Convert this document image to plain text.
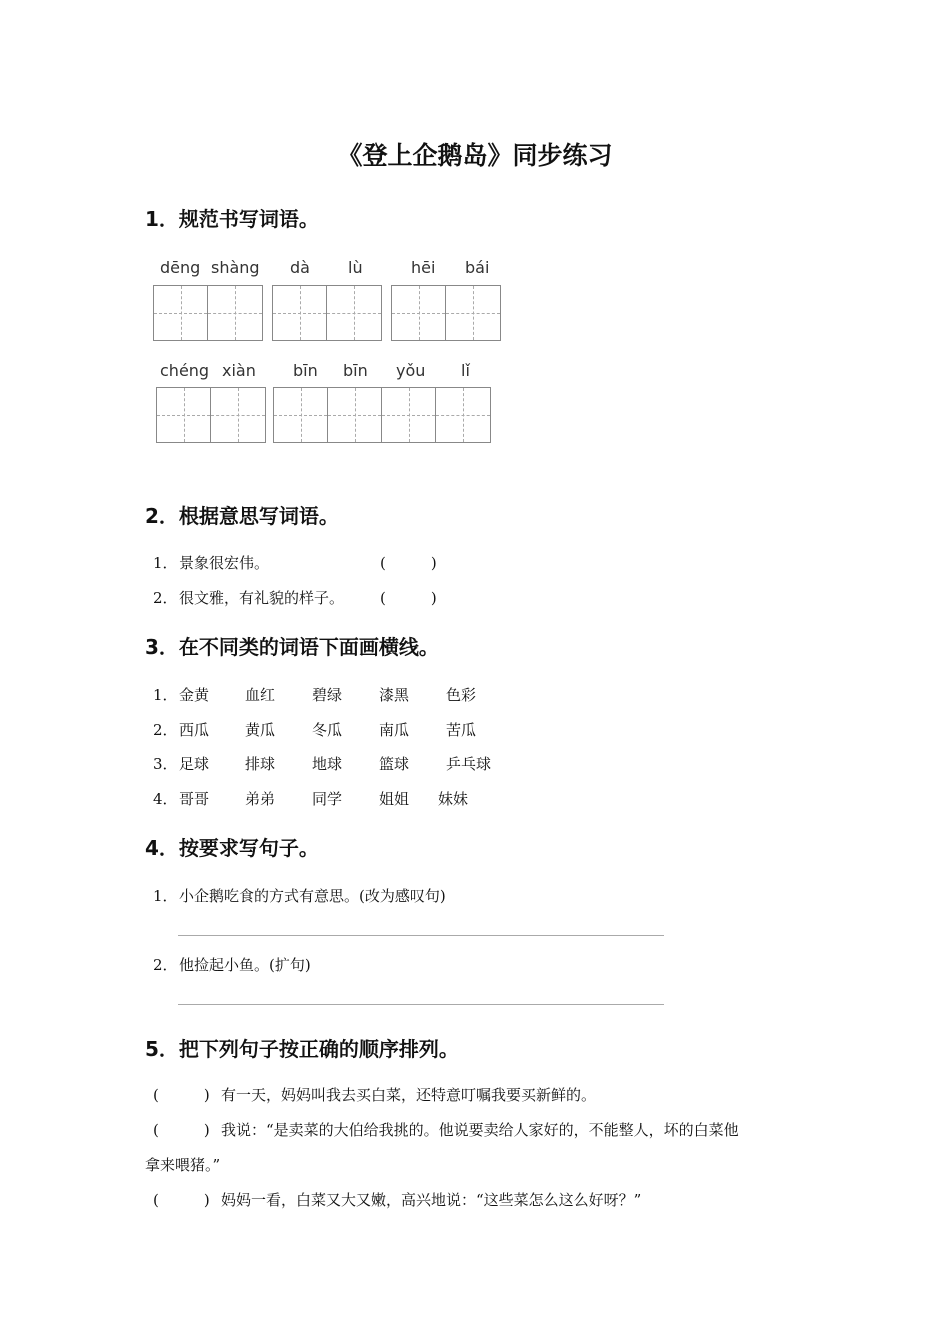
《登上企鹅岛》同步练习
1．规范书写词语。
dēng shàng dà lù	hēi bái
chéng xiàn bīn bīn yǒu lǐ
2．根据意思写词语。
1． 景象很宏伟。	(　　　)
2． 很文雅，有礼貌的样子。 (　　　)
3．在不同类的词语下面画横线。
1． 金黄 血红 碧绿 漆黑 色彩
2． 西瓜 黄瓜 冬瓜 南瓜 苦瓜
3． 足球 排球 地球 篮球 乒乓球
4． 哥哥 弟弟 同学 姐姐 妹妹
4．按要求写句子。
1． 小企鹅吃食的方式有意思。(改为感叹句)
2． 他捡起小鱼。(扩句)
5．把下列句子按正确的顺序排列。
(　　　) 有一天，妈妈叫我去买白菜，还特意叮嘱我要买新鲜的。
(　　　) 我说：“是卖菜的大伯给我挑的。他说要卖给人家好的，不能整人，坏的白菜他
拿来喂猪。”
(　　　) 妈妈一看，白菜又大又嫩，高兴地说：“这些菜怎么这么好呀？”
